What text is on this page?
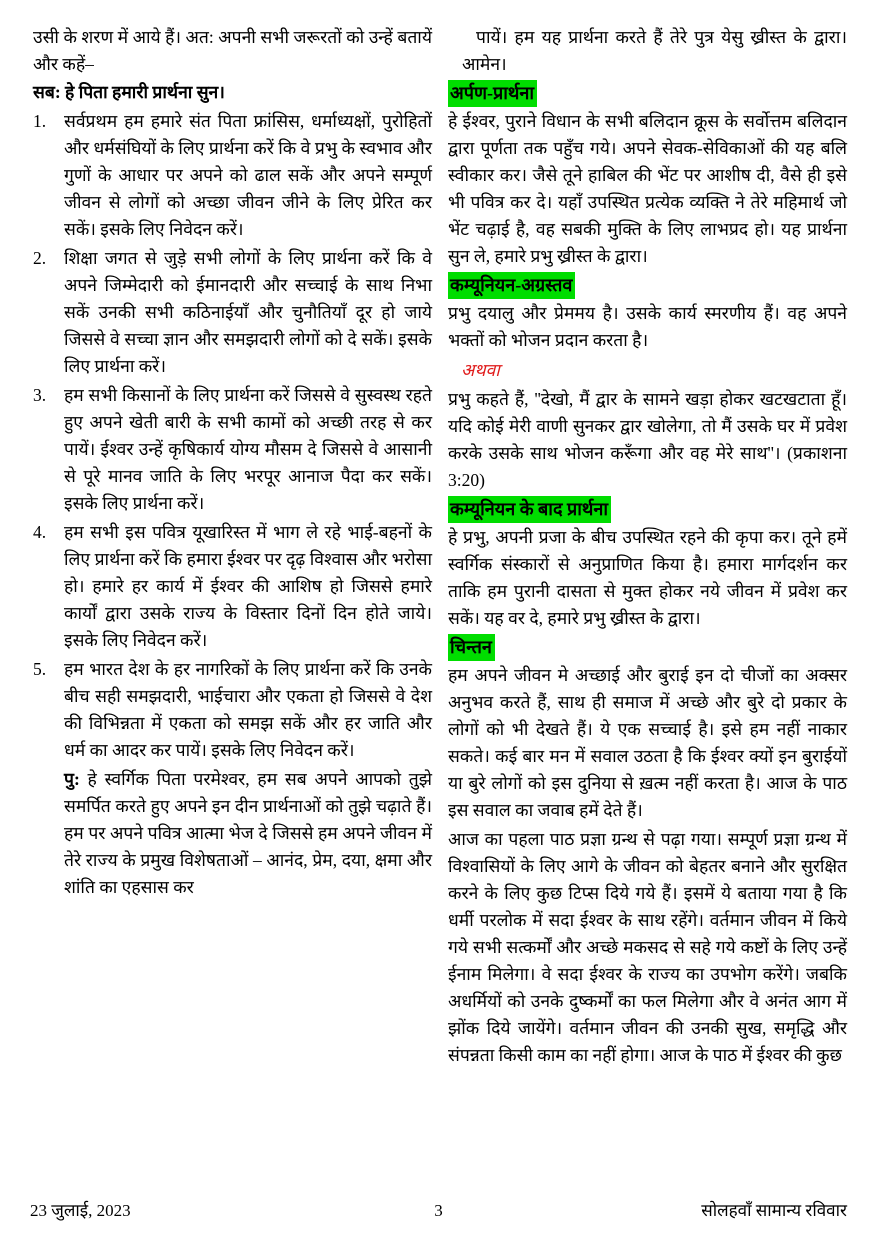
उसी के शरण में आये हैं। अत: अपनी सभी जरूरतों को उन्हें बतायें और कहें–

सब: हे पिता हमारी प्रार्थना सुन।

1.	सर्वप्रथम हम हमारे संत पिता फ्रांसिस, धर्माध्यक्षों, पुरोहितों और धर्मसंघियों के लिए प्रार्थना करें कि वे प्रभु के स्वभाव और गुणों के आधार पर अपने को ढाल सकें और अपने सम्पूर्ण जीवन से लोगों को अच्छा जीवन जीने के लिए प्रेरित कर सकें। इसके लिए निवेदन करें।
2.	शिक्षा जगत से जुड़े सभी लोगों के लिए प्रार्थना करें कि वे अपने जिम्मेदारी को ईमानदारी और सच्चाई के साथ निभा सकें उनकी सभी कठिनाईयाँ और चुनौतियाँ दूर हो जाये जिससे वे सच्चा ज्ञान और समझदारी लोगों को दे सकें। इसके लिए प्रार्थना करें।
3.	हम सभी किसानों के लिए प्रार्थना करें जिससे वे सुस्वस्थ रहते हुए अपने खेती बारी के सभी कामों को अच्छी तरह से कर पायें। ईश्वर उन्हें कृषिकार्य योग्य मौसम दे जिससे वे आसानी से पूरे मानव जाति के लिए भरपूर आनाज पैदा कर सकें। इसके लिए प्रार्थना करें।
4.	हम सभी इस पवित्र यूखारिस्त में भाग ले रहे भाई-बहनों के लिए प्रार्थना करें कि हमारा ईश्वर पर दृढ़ विश्वास और भरोसा हो। हमारे हर कार्य में ईश्वर की आशिष हो जिससे हमारे कार्यों द्वारा उसके राज्य के विस्तार दिनों दिन होते जाये। इसके लिए निवेदन करें।
5.	हम भारत देश के हर नागरिकों के लिए प्रार्थना करें कि उनके बीच सही समझदारी, भाईचारा और एकता हो जिससे वे देश की विभिन्नता में एकता को समझ सकें और हर जाति और धर्म का आदर कर पायें। इसके लिए निवेदन करें।

पु: हे स्वर्गिक पिता परमेश्वर, हम सब अपने आपको तुझे समर्पित करते हुए अपने इन दीन प्रार्थनाओं को तुझे चढ़ाते हैं। हम पर अपने पवित्र आत्मा भेज दे जिससे हम अपने जीवन में तेरे राज्य के प्रमुख विशेषताओं – आनंद, प्रेम, दया, क्षमा और शांति का एहसास कर

पायें। हम यह प्रार्थना करते हैं तेरे पुत्र येसु ख्रीस्त के द्वारा। आमेन।

अर्पण-प्रार्थना

हे ईश्वर, पुराने विधान के सभी बलिदान क्रूस के सर्वोत्तम बलिदान द्वारा पूर्णता तक पहुँच गये। अपने सेवक-सेविकाओं की यह बलि स्वीकार कर। जैसे तूने हाबिल की भेंट पर आशीष दी, वैसे ही इसे भी पवित्र कर दे। यहाँ उपस्थित प्रत्येक व्यक्ति ने तेरे महिमार्थ जो भेंट चढ़ाई है, वह सबकी मुक्ति के लिए लाभप्रद हो। यह प्रार्थना सुन ले, हमारे प्रभु ख्रीस्त के द्वारा।

कम्यूनियन-अग्रस्तव

प्रभु दयालु और प्रेममय है। उसके कार्य स्मरणीय हैं। वह अपने भक्तों को भोजन प्रदान करता है।

अथवा

प्रभु कहते हैं, ''देखो, मैं द्वार के सामने खड़ा होकर खटखटाता हूँ। यदि कोई मेरी वाणी सुनकर द्वार खोलेगा, तो मैं उसके घर में प्रवेश करके उसके साथ भोजन करूँगा और वह मेरे साथ''। (प्रकाशना 3:20)

कम्यूनियन के बाद प्रार्थना

हे प्रभु, अपनी प्रजा के बीच उपस्थित रहने की कृपा कर। तूने हमें स्वर्गिक संस्कारों से अनुप्राणित किया है। हमारा मार्गदर्शन कर ताकि हम पुरानी दासता से मुक्त होकर नये जीवन में प्रवेश कर सकें। यह वर दे, हमारे प्रभु ख्रीस्त के द्वारा।

चिन्तन

हम अपने जीवन मे अच्छाई और बुराई इन दो चीजों का अक्सर अनुभव करते हैं, साथ ही समाज में अच्छे और बुरे दो प्रकार के लोगों को भी देखते हैं। ये एक सच्चाई है। इसे हम नहीं नाकार सकते। कई बार मन में सवाल उठता है कि ईश्वर क्यों इन बुराईयों या बुरे लोगों को इस दुनिया से ख़त्म नहीं करता है। आज के पाठ इस सवाल का जवाब हमें देते हैं।

आज का पहला पाठ प्रज्ञा ग्रन्थ से पढ़ा गया। सम्पूर्ण प्रज्ञा ग्रन्थ में विश्वासियों के लिए आगे के जीवन को बेहतर बनाने और सुरक्षित करने के लिए कुछ टिप्स दिये गये हैं। इसमें ये बताया गया है कि धर्मी परलोक में सदा ईश्वर के साथ रहेंगे। वर्तमान जीवन में किये गये सभी सत्कर्मों और अच्छे मकसद से सहे गये कष्टों के लिए उन्हें ईनाम मिलेगा। वे सदा ईश्वर के राज्य का उपभोग करेंगे। जबकि अधर्मियों को उनके दुष्कर्मों का फल मिलेगा और वे अनंत आग में झोंक दिये जायेंगे। वर्तमान जीवन की उनकी सुख, समृद्धि और संपन्नता किसी काम का नहीं होगा। आज के पाठ में ईश्वर की कुछ

23 जुलाई, 2023	3	सोलहवाँ सामान्य रविवार
